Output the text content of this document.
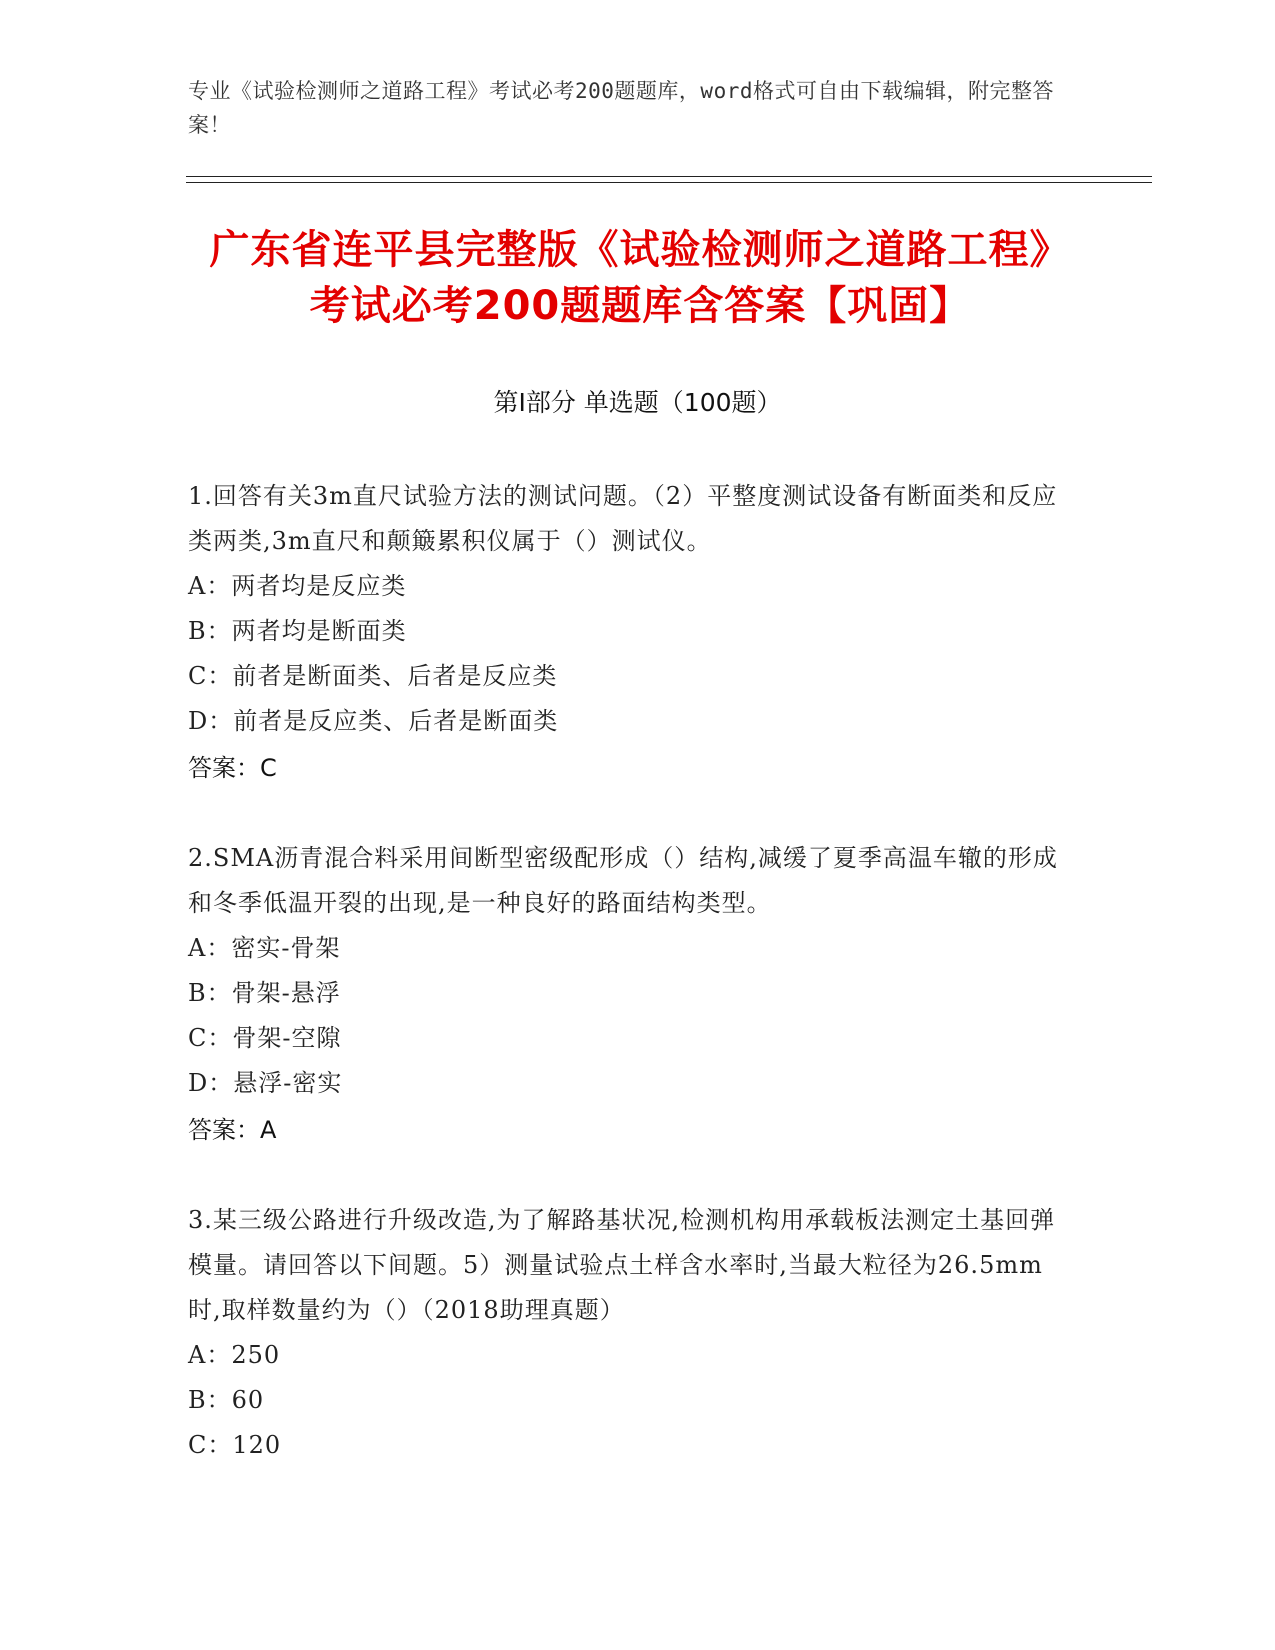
专业《试验检测师之道路工程》考试必考200题题库，word格式可自由下载编辑，附完整答案！
广东省连平县完整版《试验检测师之道路工程》考试必考200题题库含答案【巩固】
第Ⅰ部分 单选题（100题）
1.回答有关3m直尺试验方法的测试问题。（2）平整度测试设备有断面类和反应类两类,3m直尺和颠簸累积仪属于（）测试仪。
A：两者均是反应类
B：两者均是断面类
C：前者是断面类、后者是反应类
D：前者是反应类、后者是断面类
答案：C
2.SMA沥青混合料采用间断型密级配形成（）结构,减缓了夏季高温车辙的形成和冬季低温开裂的出现,是一种良好的路面结构类型。
A：密实-骨架
B：骨架-悬浮
C：骨架-空隙
D：悬浮-密实
答案：A
3.某三级公路进行升级改造,为了解路基状况,检测机构用承载板法测定土基回弹模量。请回答以下间题。5）测量试验点土样含水率时,当最大粒径为26.5mm时,取样数量约为（）（2018助理真题）
A：250
B：60
C：120
